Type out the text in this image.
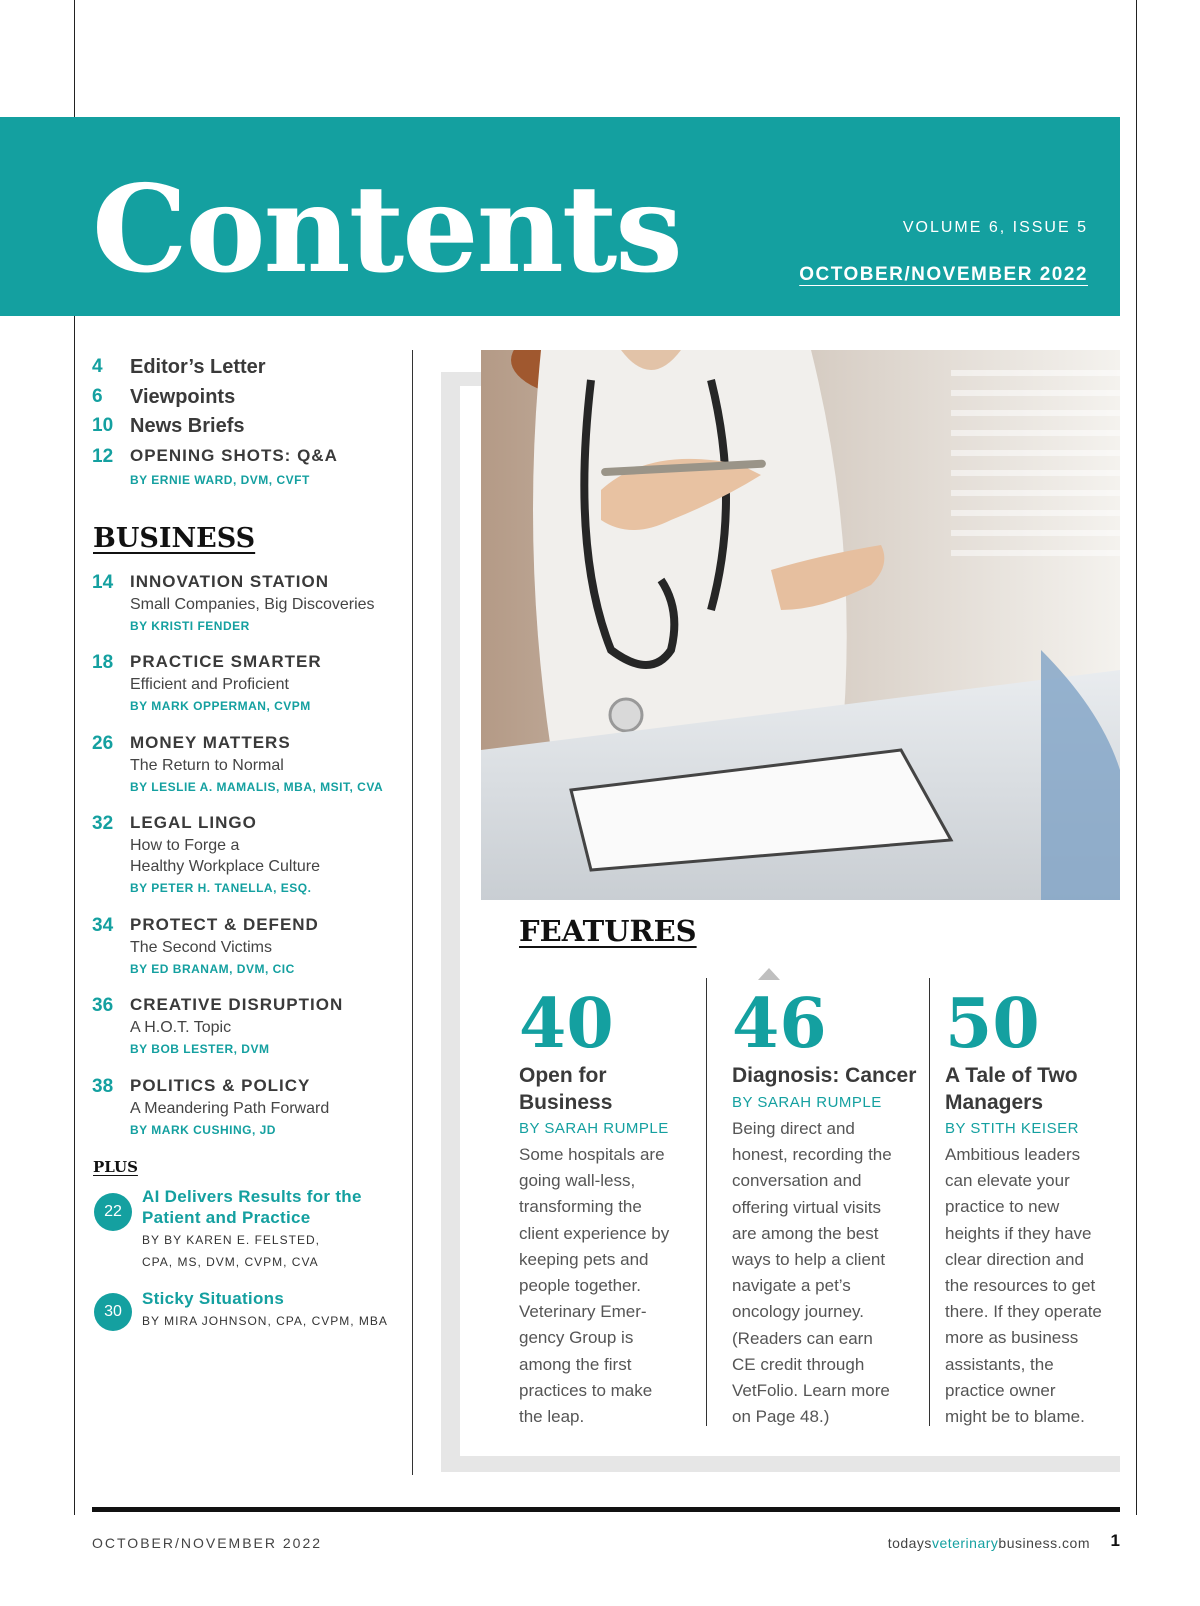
Contents	VOLUME 6, ISSUE 5
OCTOBER/NOVEMBER 2022
4 Editor’s Letter
6 Viewpoints
10 News Briefs
12 OPENING SHOTS: Q&A
BY ERNIE WARD, DVM, CVFT
BUSINESS
14 INNOVATION STATION
Small Companies, Big Discoveries
BY KRISTI FENDER
18 PRACTICE SMARTER
Efficient and Proficient
BY MARK OPPERMAN, CVPM
26 MONEY MATTERS
The Return to Normal
BY LESLIE A. MAMALIS, MBA, MSIT, CVA
32 LEGAL LINGO
How to Forge a
Healthy Workplace Culture
BY PETER H. TANELLA, ESQ.
34 PROTECT & DEFEND
The Second Victims
BY ED BRANAM, DVM, CIC
36 CREATIVE DISRUPTION
A H.O.T. Topic
BY BOB LESTER, DVM
38 POLITICS & POLICY
A Meandering Path Forward
BY MARK CUSHING, JD
PLUS
22
AI Delivers Results for the
Patient and Practice
BY BY KAREN E. FELSTED,
CPA, MS, DVM, CVPM, CVA
30
Sticky Situations
BY MIRA JOHNSON, CPA, CVPM, MBA
FEATURES
40
Open for
Business
BY SARAH RUMPLE
Some hospitals are
going wall-less,
transforming the
client experience by
keeping pets and
people together.
Veterinary Emer-
gency Group is
among the first
practices to make
the leap.
46
Diagnosis: Cancer
BY SARAH RUMPLE
Being direct and
honest, recording the
conversation and
offering virtual visits
are among the best
ways to help a client
navigate a pet’s
oncology journey.
(Readers can earn
CE credit through
VetFolio. Learn more
on Page 48.)
50
A Tale of Two
Managers
BY STITH KEISER
Ambitious leaders
can elevate your
practice to new
heights if they have
clear direction and
the resources to get
there. If they operate
more as business
assistants, the
practice owner
might be to blame.
OCTOBER/NOVEMBER 2022	todaysveterinarybusiness.com 1
